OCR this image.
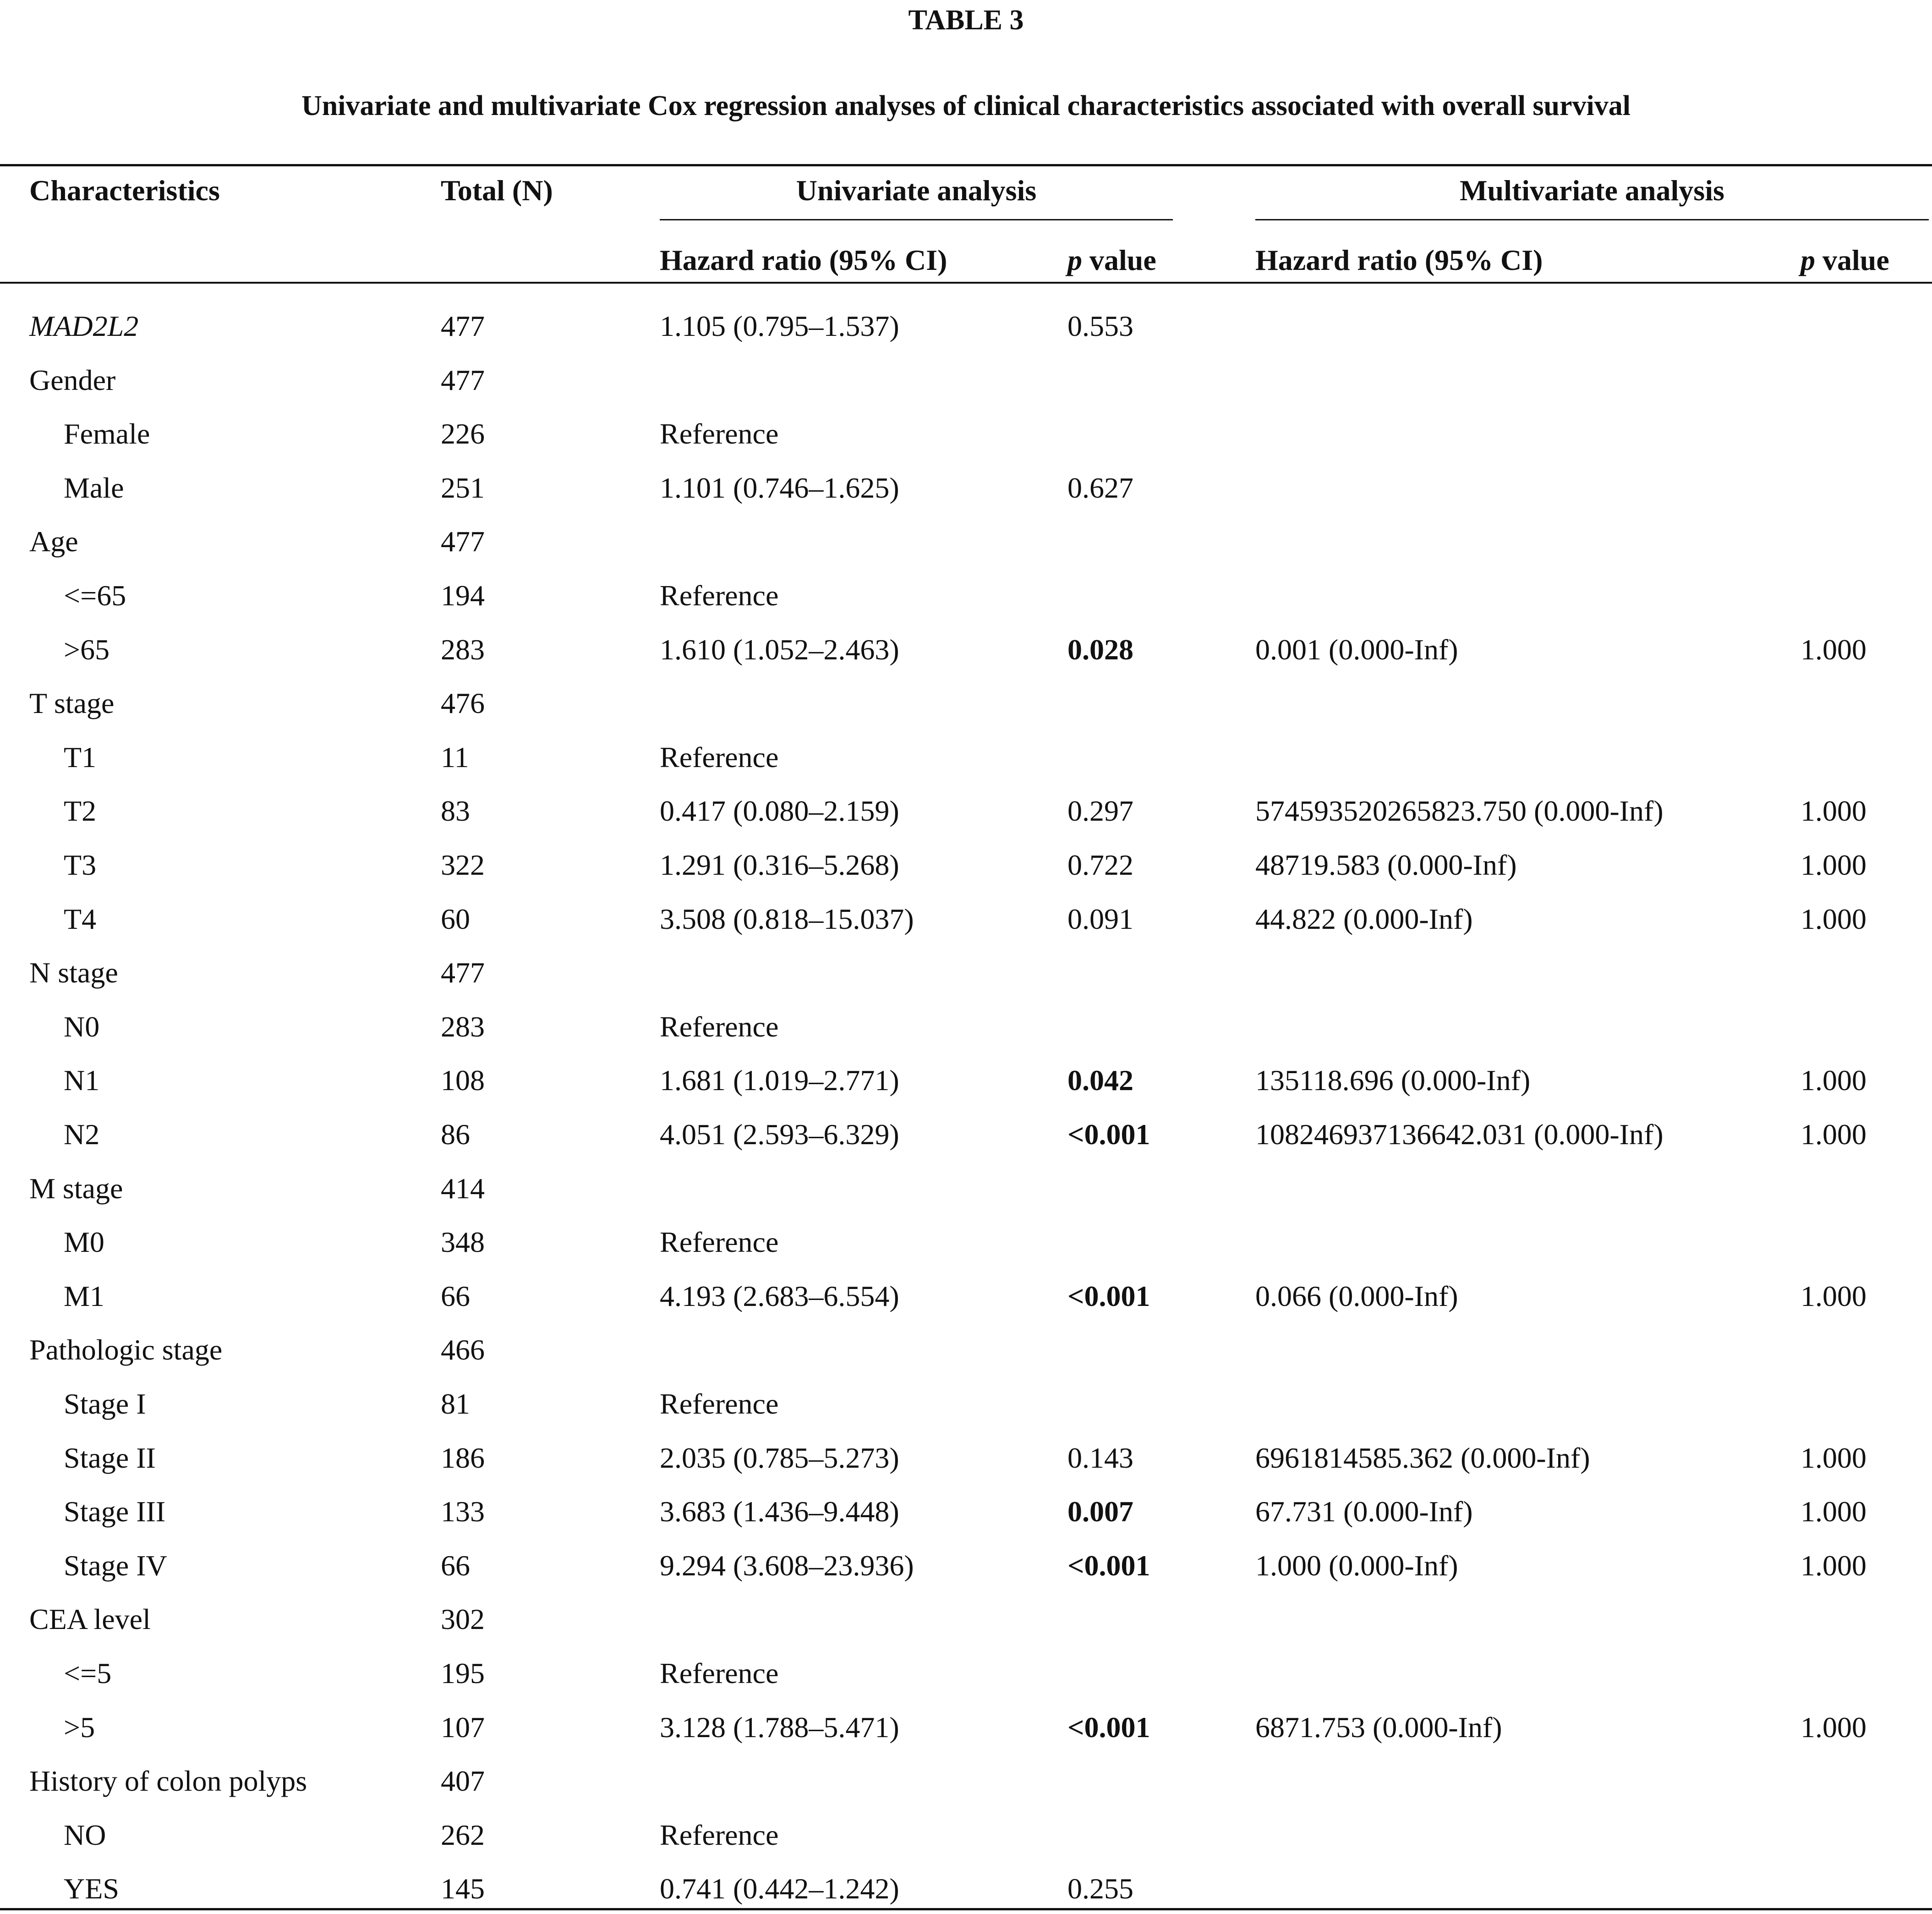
TABLE 3
Univariate and multivariate Cox regression analyses of clinical characteristics associated with overall survival
Characteristics	Total (N)	Univariate analysis	Multivariate analysis
Hazard ratio (95% CI)	p value	Hazard ratio (95% CI)	p value
MAD2L2	477	1.105 (0.795–1.537)	0.553
Gender	477
Female	226	Reference
Male	251	1.101 (0.746–1.625)	0.627
Age	477
<=65	194	Reference
>65	283	1.610 (1.052–2.463)	0.028	0.001 (0.000-Inf)	1.000
T stage	476
T1	11	Reference
T2	83	0.417 (0.080–2.159)	0.297	574593520265823.750 (0.000-Inf)	1.000
T3	322	1.291 (0.316–5.268)	0.722	48719.583 (0.000-Inf)	1.000
T4	60	3.508 (0.818–15.037)	0.091	44.822 (0.000-Inf)	1.000
N stage	477
N0	283	Reference
N1	108	1.681 (1.019–2.771)	0.042	135118.696 (0.000-Inf)	1.000
N2	86	4.051 (2.593–6.329)	<0.001	108246937136642.031 (0.000-Inf)	1.000
M stage	414
M0	348	Reference
M1	66	4.193 (2.683–6.554)	<0.001	0.066 (0.000-Inf)	1.000
Pathologic stage	466
Stage I	81	Reference
Stage II	186	2.035 (0.785–5.273)	0.143	6961814585.362 (0.000-Inf)	1.000
Stage III	133	3.683 (1.436–9.448)	0.007	67.731 (0.000-Inf)	1.000
Stage IV	66	9.294 (3.608–23.936)	<0.001	1.000 (0.000-Inf)	1.000
CEA level	302
<=5	195	Reference
>5	107	3.128 (1.788–5.471)	<0.001	6871.753 (0.000-Inf)	1.000
History of colon polyps	407
NO	262	Reference
YES	145	0.741 (0.442–1.242)	0.255
